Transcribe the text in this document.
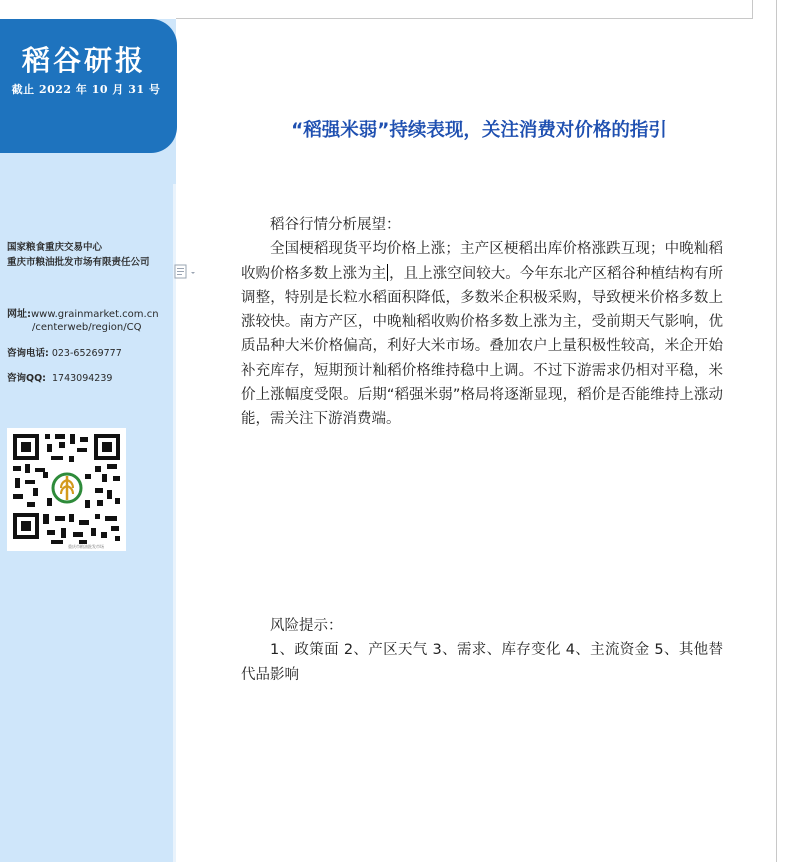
稻谷研报
截止 2022 年 10 月 31 号
国家粮食重庆交易中心
重庆市粮油批发市场有限责任公司
网址:www.grainmarket.com.cn
/centerweb/region/CQ
咨询电话: 023-65269777
咨询QQ: 1743094239
重庆市粮油批发市场
“稻强米弱”持续表现，关注消费对价格的指引

稻谷行情分析展望：

全国梗稻现货平均价格上涨；主产区梗稻出库价格涨跌互现；中晚籼稻收购价格多数上涨为主 ，且上涨空间较大。今年东北产区稻谷种植结构有所调整，特别是长粒水稻面积降低，多数米企积极采购，导致梗米价格多数上涨较快。南方产区，中晚籼稻收购价格多数上涨为主，受前期天气影响，优质品种大米价格偏高，利好大米市场。叠加农户上量积极性较高，米企开始补充库存，短期预计籼稻价格维持稳中上调。不过下游需求仍相对平稳，米价上涨幅度受限。后期“稻强米弱”格局将逐渐显现，稻价是否能维持上涨动能，需关注下游消费端。

风险提示：

1、政策面 2、产区天气 3、需求、库存变化 4、主流资金 5、其他替代品影响
